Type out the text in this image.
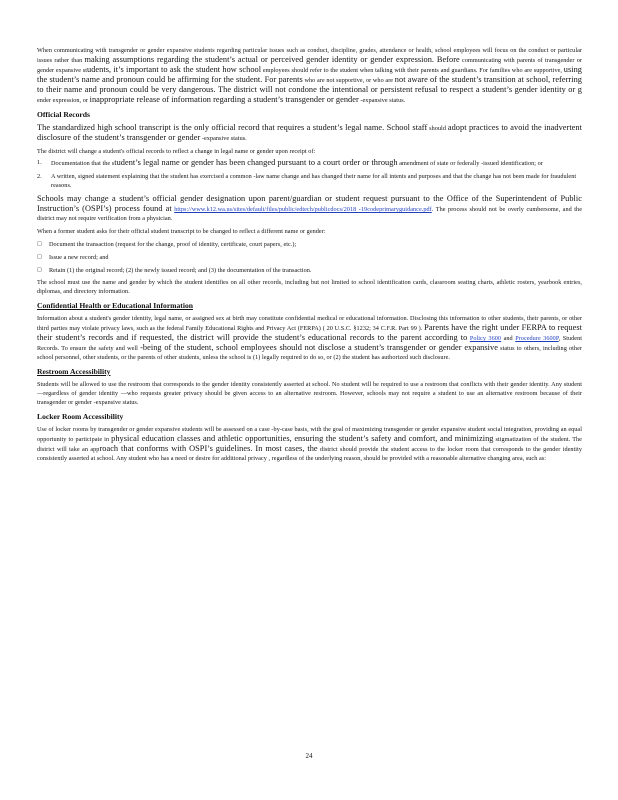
When communicating with transgender or gender expansive students regarding particular issues such as conduct, discipline, grades, attendance or health, school employees will focus on the conduct or particular issues rather than making assumptions regarding the student’s actual or perceived gender identity or gender expression. Before communicating with parents of transgender or gender expansive students, it’s important to ask the student how school employees should refer to the student when talking with their parents and guardians. For families who are supportive, using the student’s name and pronoun could be affirming for the student. For parents who are not supportive, or who are not aware of the student’s transition at school, referring to their name and pronoun could be very dangerous. The district will not condone the intentional or persistent refusal to respect a student’s gender identity or g ender expression, or inappropriate release of information regarding a student’s transgender or gender -expansive status.

Official Records

The standardized high school transcript is the only official record that requires a student’s legal name. School staff should adopt practices to avoid the inadvertent disclosure of the student’s transgender or gender -expansive status.

The district will change a student's official records to reflect a change in legal name or gender upon receipt of:

1.	Documentation that the student’s legal name or gender has been changed pursuant to a court order or through amendment of state or federally -issued identification; or
2.	A written, signed statement explaining that the student has exercised a common -law name change and has changed their name for all intents and purposes and that the change has not been made for fraudulent reasons.

Schools may change a student’s official gender designation upon parent/guardian or student request pursuant to the Office of the Superintendent of Public Instruction’s (OSPI’s) process found at https://www.k12.wa.us/sites/default/files/public/edtech/publicdocs/2018 -19codeprimaryguidance.pdf. The process should not be overly cumbersome, and the district may not require verification from a physician.

When a former student asks for their official student transcript to be changed to reflect a different name or gender:

□	Document the transaction (request for the change, proof of identity, certificate, court papers, etc.);
□	Issue a new record; and
□	Retain (1) the original record; (2) the newly issued record; and (3) the documentation of the transaction.

The school must use the name and gender by which the student identifies on all other records, including but not limited to school identification cards, classroom seating charts, athletic rosters, yearbook entries, diplomas, and directory information.

Confidential Health or Educational Information

Information about a student's gender identity, legal name, or assigned sex at birth may constitute confidential medical or educational information. Disclosing this information to other students, their parents, or other third parties may violate privacy laws, such as the federal Family Educational Rights and Privacy Act (FERPA) ( 20 U.S.C. §1232; 34 C.F.R. Part 99 ). Parents have the right under FERPA to request their student’s records and if requested, the district will provide the student’s educational records to the parent according to Policy 3600 and Procedure 3600P, Student Records. To ensure the safety and well -being of the student, school employees should not disclose a student’s transgender or gender expansive status to others, including other school personnel, other students, or the parents of other students, unless the school is (1) legally required to do so, or (2) the student has authorized such disclosure.

Restroom Accessibility

Students will be allowed to use the restroom that corresponds to the gender identity consistently asserted at school. No student will be required to use a restroom that conflicts with their gender identity. Any student —regardless of gender identity —who requests greater privacy should be given access to an alternative restroom. However, schools may not require a student to use an alternative restroom because of their transgender or gender -expansive status.

Locker Room Accessibility

Use of locker rooms by transgender or gender expansive students will be assessed on a case -by-case basis, with the goal of maximizing transgender or gender expansive student social integration, providing an equal opportunity to participate in physical education classes and athletic opportunities, ensuring the student’s safety and comfort, and minimizing stigmatization of the student. The district will take an approach that conforms with OSPI’s guidelines. In most cases, the district should provide the student access to the locker room that corresponds to the gender identity consistently asserted at school. Any student who has a need or desire for additional privacy , regardless of the underlying reason, should be provided with a reasonable alternative changing area, such as:

24
